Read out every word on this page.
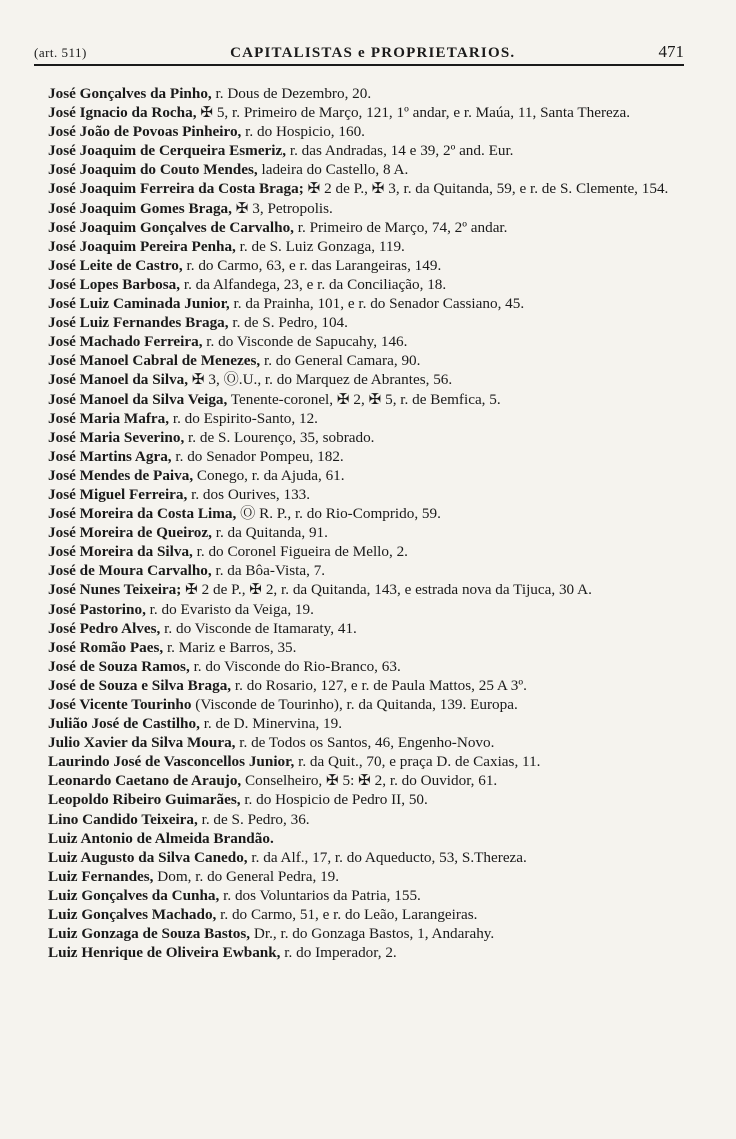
(art. 511)	CAPITALISTAS e PROPRIETARIOS.	471
José Gonçalves da Pinho, r. Dous de Dezembro, 20.
José Ignacio da Rocha, ✠ 5, r. Primeiro de Março, 121, 1º andar, e r. Maúa, 11, Santa Thereza.
José João de Povoas Pinheiro, r. do Hospicio, 160.
José Joaquim de Cerqueira Esmeriz, r. das Andradas, 14 e 39, 2º and. Eur.
José Joaquim do Couto Mendes, ladeira do Castello, 8 A.
José Joaquim Ferreira da Costa Braga; ✠ 2 de P., ✠ 3, r. da Quitanda, 59, e r. de S. Clemente, 154.
José Joaquim Gomes Braga, ✠ 3, Petropolis.
José Joaquim Gonçalves de Carvalho, r. Primeiro de Março, 74, 2º andar.
José Joaquim Pereira Penha, r. de S. Luiz Gonzaga, 119.
José Leite de Castro, r. do Carmo, 63, e r. das Larangeiras, 149.
José Lopes Barbosa, r. da Alfandega, 23, e r. da Conciliação, 18.
José Luiz Caminada Junior, r. da Prainha, 101, e r. do Senador Cassiano, 45.
José Luiz Fernandes Braga, r. de S. Pedro, 104.
José Machado Ferreira, r. do Visconde de Sapucahy, 146.
José Manoel Cabral de Menezes, r. do General Camara, 90.
José Manoel da Silva, ✠ 3, Ⓞ.U., r. do Marquez de Abrantes, 56.
José Manoel da Silva Veiga, Tenente-coronel, ✠ 2, ✠ 5, r. de Bemfica, 5.
José Maria Mafra, r. do Espirito-Santo, 12.
José Maria Severino, r. de S. Lourenço, 35, sobrado.
José Martins Agra, r. do Senador Pompeu, 182.
José Mendes de Paiva, Conego, r. da Ajuda, 61.
José Miguel Ferreira, r. dos Ourives, 133.
José Moreira da Costa Lima, Ⓞ R. P., r. do Rio-Comprido, 59.
José Moreira de Queiroz, r. da Quitanda, 91.
José Moreira da Silva, r. do Coronel Figueira de Mello, 2.
José de Moura Carvalho, r. da Bôa-Vista, 7.
José Nunes Teixeira; ✠ 2 de P., ✠ 2, r. da Quitanda, 143, e estrada nova da Tijuca, 30 A.
José Pastorino, r. do Evaristo da Veiga, 19.
José Pedro Alves, r. do Visconde de Itamaraty, 41.
José Romão Paes, r. Mariz e Barros, 35.
José de Souza Ramos, r. do Visconde do Rio-Branco, 63.
José de Souza e Silva Braga, r. do Rosario, 127, e r. de Paula Mattos, 25 A 3º.
José Vicente Tourinho (Visconde de Tourinho), r. da Quitanda, 139. Europa.
Julião José de Castilho, r. de D. Minervina, 19.
Julio Xavier da Silva Moura, r. de Todos os Santos, 46, Engenho-Novo.
Laurindo José de Vasconcellos Junior, r. da Quit., 70, e praça D. de Caxias, 11.
Leonardo Caetano de Araujo, Conselheiro, ✠ 5: ✠ 2, r. do Ouvidor, 61.
Leopoldo Ribeiro Guimarães, r. do Hospicio de Pedro II, 50.
Lino Candido Teixeira, r. de S. Pedro, 36.
Luiz Antonio de Almeida Brandão.
Luiz Augusto da Silva Canedo, r. da Alf., 17, r. do Aqueducto, 53, S.Thereza.
Luiz Fernandes, Dom, r. do General Pedra, 19.
Luiz Gonçalves da Cunha, r. dos Voluntarios da Patria, 155.
Luiz Gonçalves Machado, r. do Carmo, 51, e r. do Leão, Larangeiras.
Luiz Gonzaga de Souza Bastos, Dr., r. do Gonzaga Bastos, 1, Andarahy.
Luiz Henrique de Oliveira Ewbank, r. do Imperador, 2.
